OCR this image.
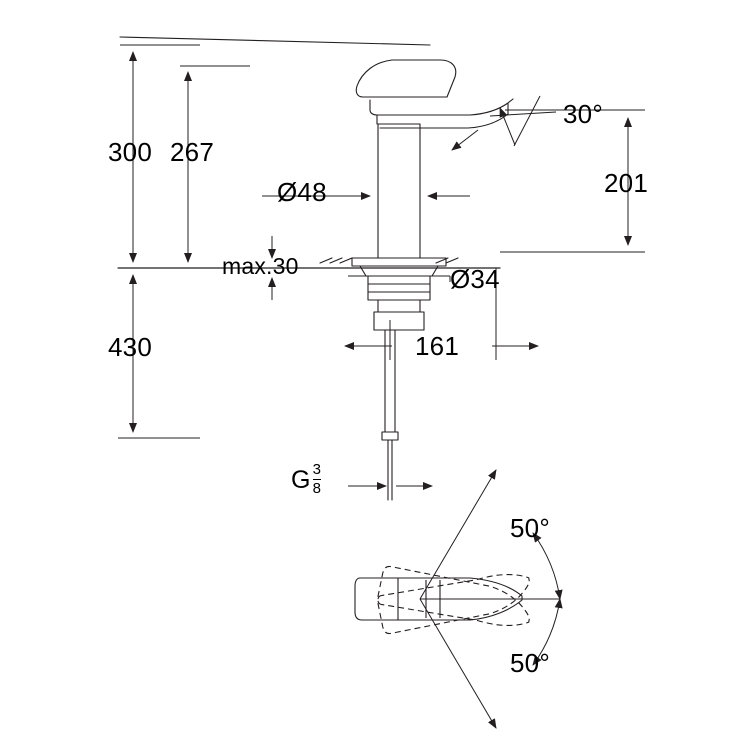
300 267
430
Ø48
max.30	Ø34
201
161
30°
50°
50°
G $\frac{3}{8}$
